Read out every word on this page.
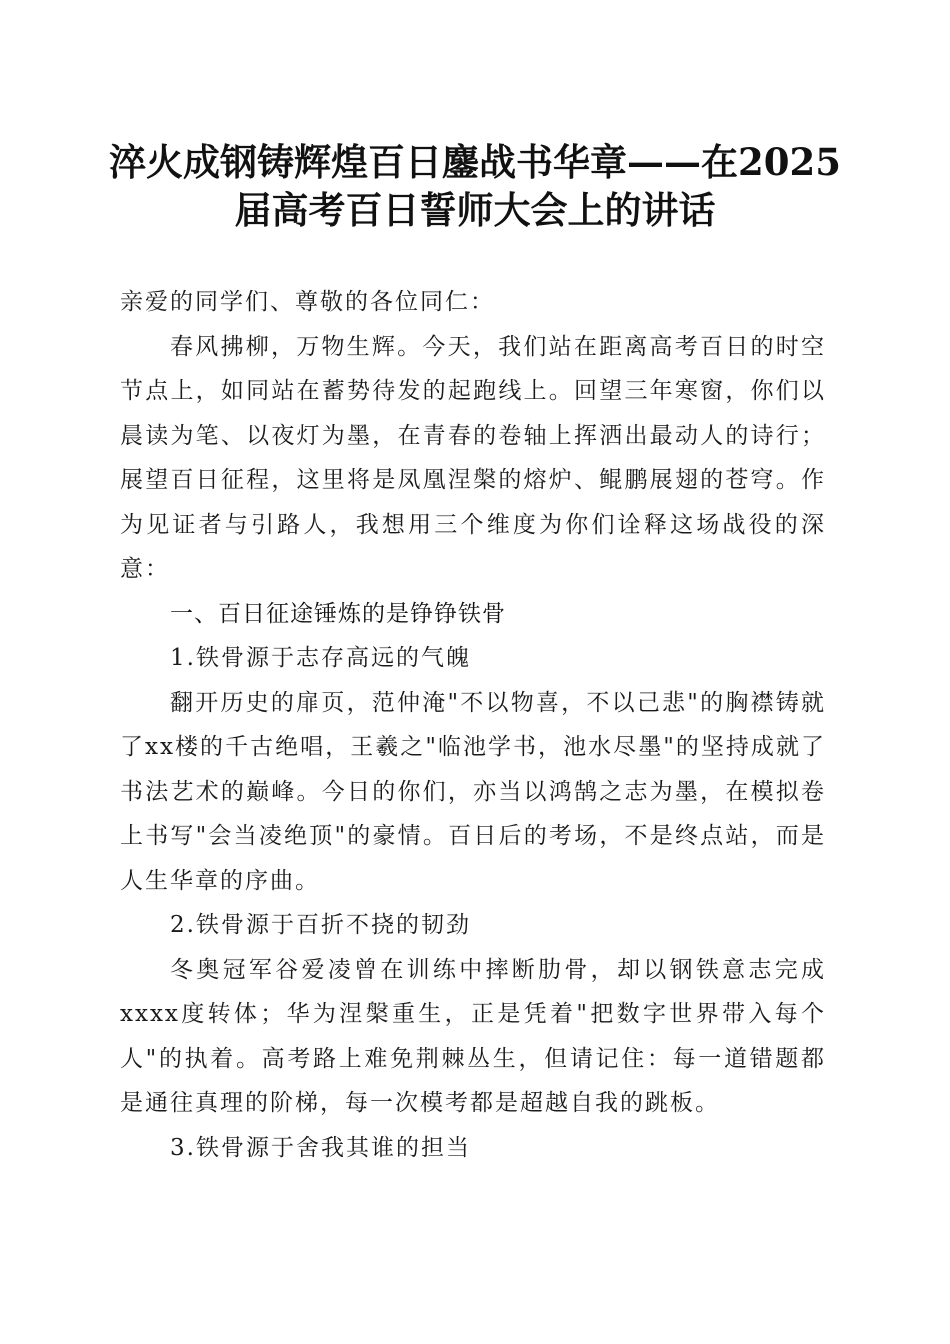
淬火成钢铸辉煌百日鏖战书华章——在2025
届高考百日誓师大会上的讲话

亲爱的同学们、尊敬的各位同仁：

春风拂柳，万物生辉。今天，我们站在距离高考百日的时空节点上，如同站在蓄势待发的起跑线上。回望三年寒窗，你们以晨读为笔、以夜灯为墨，在青春的卷轴上挥洒出最动人的诗行；展望百日征程，这里将是凤凰涅槃的熔炉、鲲鹏展翅的苍穹。作为见证者与引路人，我想用三个维度为你们诠释这场战役的深意：

一、百日征途锤炼的是铮铮铁骨

1.铁骨源于志存高远的气魄

翻开历史的扉页，范仲淹"不以物喜，不以己悲"的胸襟铸就了xx楼的千古绝唱，王羲之"临池学书，池水尽墨"的坚持成就了书法艺术的巅峰。今日的你们，亦当以鸿鹄之志为墨，在模拟卷上书写"会当凌绝顶"的豪情。百日后的考场，不是终点站，而是人生华章的序曲。

2.铁骨源于百折不挠的韧劲

冬奥冠军谷爱凌曾在训练中摔断肋骨，却以钢铁意志完成xxxx度转体；华为涅槃重生，正是凭着"把数字世界带入每个人"的执着。高考路上难免荆棘丛生，但请记住：每一道错题都是通往真理的阶梯，每一次模考都是超越自我的跳板。

3.铁骨源于舍我其谁的担当
